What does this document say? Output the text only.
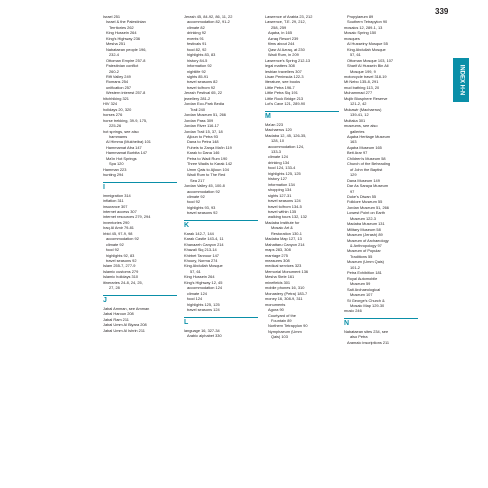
339
Israel 251
Israel & the Palestinian
Territories 262
King Hussein 264
King's Highway 236
Mesha 251
Nabataean people 196,
232-4
Ottoman Empire 257-8
Palestinian conflict
260-2
Rift Valley 249
Romans 254
unification 257
Western interest 257-8
hitchhiking 321
HIV 324
holidays 20, 320
horses 276
horse trekking, 39-9, 175,
225-26
hot springs, see also
hammams
Al Himma (Mukheiba) 101
Hammamat Afra 147
Hammamat Burbita 147
Ma'in Hot Springs
Spa 120
Hamman 223
hunting 294
I
immigration 314
inflation 311
insurance 307
internet access 307
internet resources 279, 294
inventories 290
Iraq Al Amir 79-81
Irbid 45, 97-9, 98
accommodation 92
climate 92
food 92
highlights 92, 83
travel seasons 92
Islam 255-7, 277-9
Islamic customs 279
Islamic holidays 310
itineraries 24-8, 24, 25,
27, 28
J
Jabal Amman, see Amman
Jabal Haroun 208
Jabal Ram 211
Jabal Umm Al Biyara 208
Jabal Umm Al Ishrin 211
Jerash 45, 84-92, 86, 11, 22
accommodation 82, 91-2
climate 82
drinking 92
events 91
festivals 91
food 82, 92
highlights 83, 83
history 84-5
information 92
nightlife 92
sights 85-91
travel seasons 82
travel to/from 92
Jerash Festival 65, 22
jewellery 281-2
Jordan Eco-Park Bedia
Trail 240
Jordan Museum 51, 266
Jordan Pass 309
Jordan River 116-17
Jordan Trail 15, 37, 18
Ajloun to Petra 93
Dana to Petra 148
Fuheis to Zarqa Ma'in 119
Karak to Dana 146
Petra to Wadi Rum 190
Three Wadis to Karak 142
Umm Qais to Ajloun 104
Wadi Rum to The Red
Sea 217
Jordan Valley 45, 100-8
accommodation 92
climate 92
food 92
highlights 93, 93
travel seasons 92
K
Karak 142-7, 144
Karak Castle 143-4, 11
Khanazeh Canyon 214
Khazali Siq 213-14
Khirbet Tannour 147
Khoury, Norma 274
King Abdullah Mosque
57, 61
King Hussein 264
King's Highway 12, 45
accommodation 124
climate 124
food 124
highlights 125, 125
travel seasons 124
L
language 16, 327-34
Arabic alphabet 330
Lawrence of Arabia 23, 212
Lawrence, T.E. 29, 212,
258, 259
Aqaba, in 165
Azraq Resort 239
films about 244
Qasr Al Azraq, at 230
Wadi Rum, in 209
Lawrence's Spring 212-13
legal matters 308
lesbian travellers 307
Lisan Peninsula 122-3
literature, see books
Little Petra 196-7
Little Petra Siq 191
Little Rock Bridge 213
Lot's Cave 121, 289-90
M
Ma'an 223
Machaerus 120
Madaba 12, 45, 126-35,
128, 10
accommodation 124,
133-3
climate 124
drinking 134
food 124, 133-4
highlights 125, 125
history 127
information 134
shopping 134
sights 127-31
travel seasons 124
travel to/from 134-5
travel within 135
walking tours 132, 132
Madaba Institute for
Mosaic Art &
Restoration 130-1
Madaba Map 127, 13
Mahattaru Canyon 214
maps 283, 308
marriage 275
measures 308
medical services 323
Memorial Monument 136
Mesha Stele 161
minefields 301
mobile phones 16, 310
Monastery (Petra) 183-7
money 16, 308-9, 311
monuments
Agora 90
Courtyard of the
Fountain 89
Northern Tetrapylon 90
Nymphaeum (Umm
Qais) 103
Propylaeum 89
Southern Tetrapylon 90
mosaics 12, 289-1, 13
Mosaic Spring 150
mosques
Al Husseiny Mosque 55
King Abdullah Mosque
57, 61
Ottoman Mosque 103, 107
Sharif Al Hussein Bin Ali
Mosque 199, 9
motorcycle travel 318-19
Mt Nebo 135-8, 291
mud bathing 113, 20
Muhammad 277
Mujib Biosphere Reserve
121-2, 42
Mukawir (Machaerus)
139-41, 12
Multaka 301
museums, see also
galleries
Aqaba Heritage Museum
163
Aqaba Museum 165
Beit Arar 97
Children's Museum 58
Church of the Beheading
of John the Baptist
129
Dana Museum 149
Dar As Saraya Museum
97
Duke's Diwan 55
Folklore Museum 55
Jordan Museum 51, 266
Lowest Point on Earth
Museum 122-3
Madaba Museum 131
Military Museum 58
Museum (Jerash) 89
Museum of Archaeology
& Anthropology 97
Museum of Popular
Traditions 55
Museum (Umm Qais)
101-2
Petra Exhibition 181
Royal Automobile
Museum 59
Salt Archaeological
Museum 107
St George's Church &
Mosaic Map 129-30
music 246
N
Nabataean sites 234, see
also Petra
Aramaic inscriptions 211
INDEX H-N
